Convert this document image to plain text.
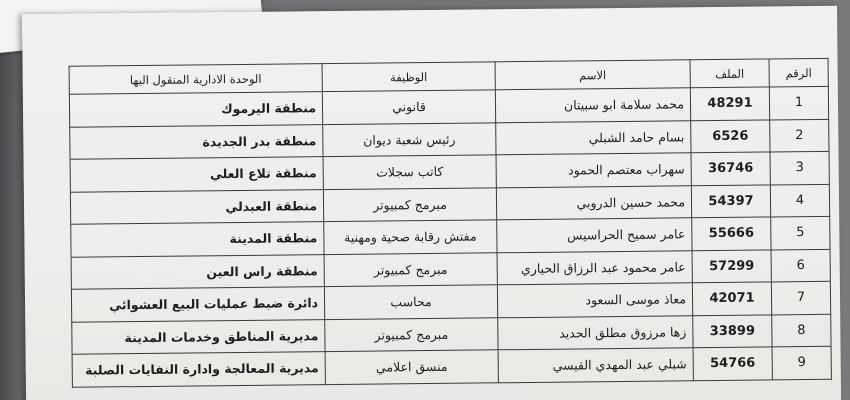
الرقم	الملف	الاسم	الوظيفة	الوحدة الادارية المنقول اليها
1	48291	محمد سلامة ابو سبيتان	قانوني	منطقة اليرموك
2	6526	بسام حامد الشبلي	رئيس شعبة ديوان	منطقة بدر الجديدة
3	36746	سهراب معتصم الحمود	كاتب سجلات	منطقة تلاع العلي
4	54397	محمد حسين الدروبي	مبرمج كمبيوتر	منطقة العبدلي
5	55666	عامر سميح الحراسيس	مفتش رقابة صحية ومهنية	منطقة المدينة
6	57299	عامر محمود عبد الرزاق الحياري	مبرمج كمبيوتر	منطقة راس العين
7	42071	معاذ موسى السعود	محاسب	دائرة ضبط عمليات البيع العشوائي
8	33899	زها مرزوق مطلق الحديد	مبرمج كمبيوتر	مديرية المناطق وخدمات المدينة
9	54766	شبلي عبد المهدي القيسي	منسق اعلامي	مديرية المعالجة وادارة النفايات الصلبة
